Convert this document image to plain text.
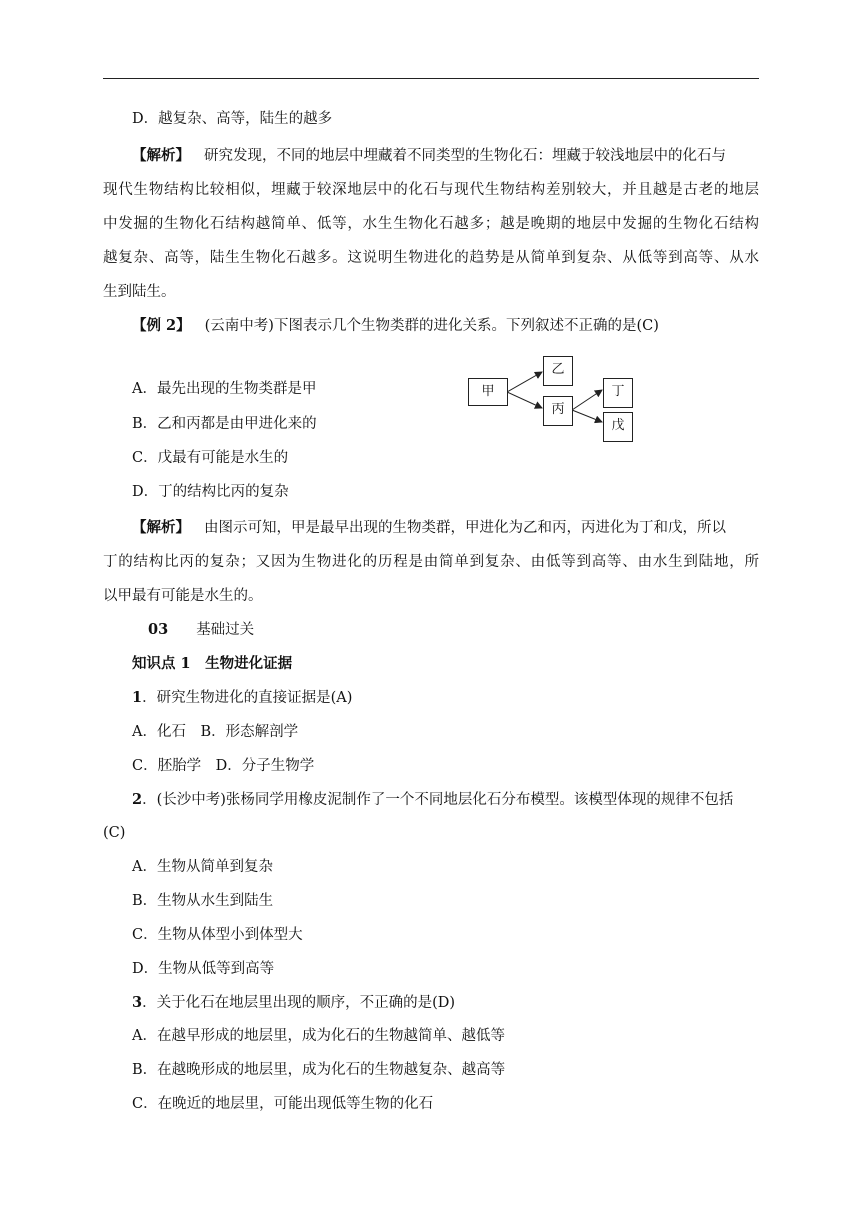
D．越复杂、高等，陆生的越多
【解析】 研究发现，不同的地层中埋藏着不同类型的生物化石：埋藏于较浅地层中的化石与
现代生物结构比较相似，埋藏于较深地层中的化石与现代生物结构差别较大，并且越是古老的地层
中发掘的生物化石结构越简单、低等，水生生物化石越多；越是晚期的地层中发掘的生物化石结构
越复杂、高等，陆生生物化石越多。这说明生物进化的趋势是从简单到复杂、从低等到高等、从水
生到陆生。
【例 2】 (云南中考)下图表示几个生物类群的进化关系。下列叙述不正确的是(C)
A．最先出现的生物类群是甲
B．乙和丙都是由甲进化来的
C．戊最有可能是水生的
D．丁的结构比丙的复杂
甲
乙
丙
丁
戊
【解析】 由图示可知，甲是最早出现的生物类群，甲进化为乙和丙，丙进化为丁和戊，所以
丁的结构比丙的复杂；又因为生物进化的历程是由简单到复杂、由低等到高等、由水生到陆地，所
以甲最有可能是水生的。
03 基础过关
知识点 1　生物进化证据
1．研究生物进化的直接证据是(A)
A．化石　B．形态解剖学
C．胚胎学　D．分子生物学
2．(长沙中考)张杨同学用橡皮泥制作了一个不同地层化石分布模型。该模型体现的规律不包括
(C)
A．生物从简单到复杂
B．生物从水生到陆生
C．生物从体型小到体型大
D．生物从低等到高等
3．关于化石在地层里出现的顺序，不正确的是(D)
A．在越早形成的地层里，成为化石的生物越简单、越低等
B．在越晚形成的地层里，成为化石的生物越复杂、越高等
C．在晚近的地层里，可能出现低等生物的化石
